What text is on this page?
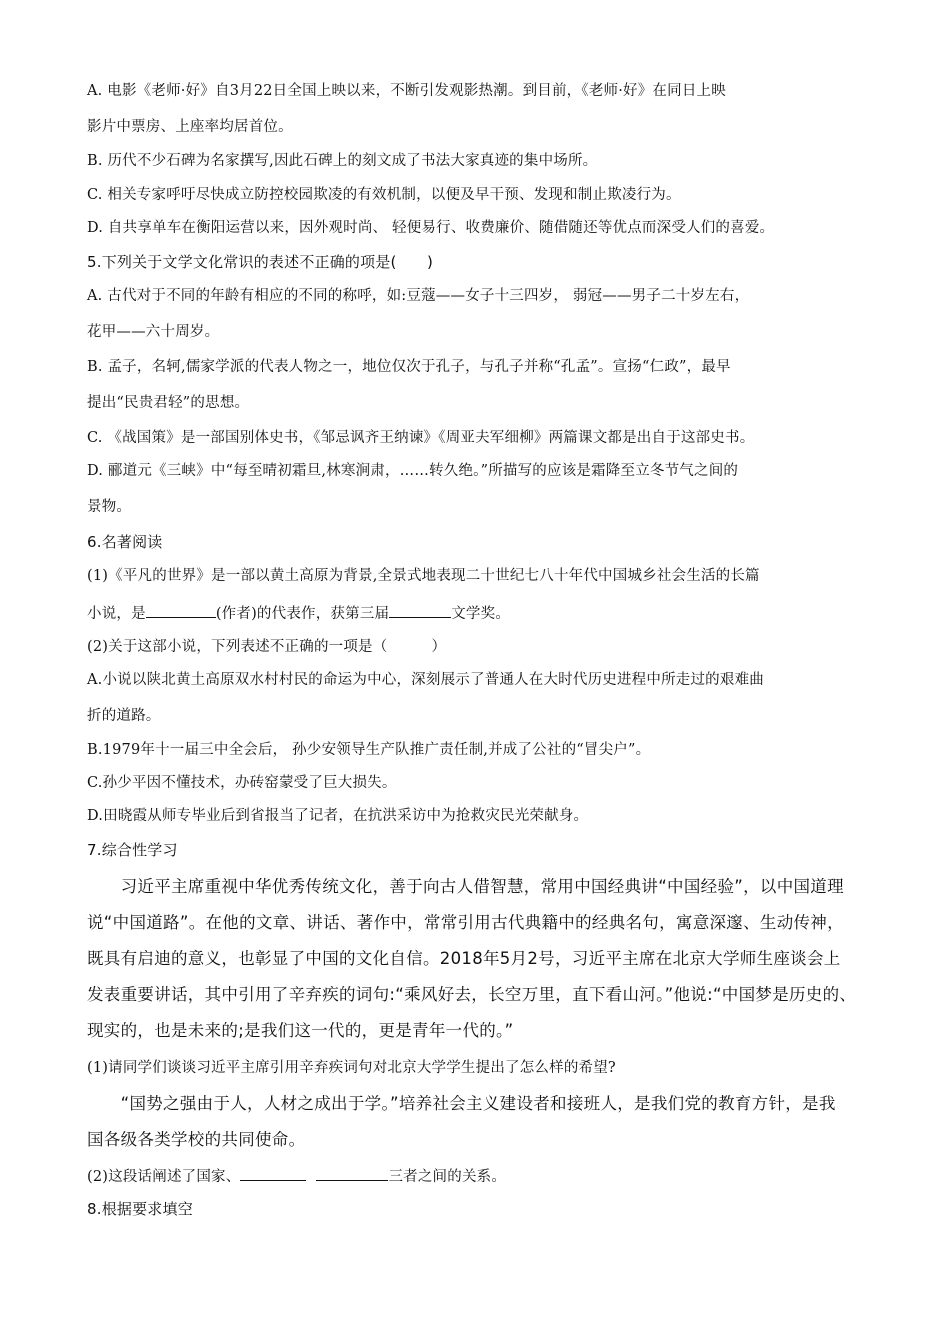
A. 电影《老师·好》自3月22日全国上映以来，不断引发观影热潮。到目前，《老师·好》在同日上映
影片中票房、上座率均居首位。
B. 历代不少石碑为名家撰写,因此石碑上的刻文成了书法大家真迹的集中场所。
C. 相关专家呼吁尽快成立防控校园欺凌的有效机制，以便及早干预、发现和制止欺凌行为。
D. 自共享单车在衡阳运营以来，因外观时尚、 轻便易行、收费廉价、随借随还等优点而深受人们的喜爱。
5.下列关于文学文化常识的表述不正确的项是(　　)
A. 古代对于不同的年龄有相应的不同的称呼，如:豆蔻——女子十三四岁， 弱冠——男子二十岁左右，
花甲——六十周岁。
B. 孟子，名轲,儒家学派的代表人物之一，地位仅次于孔子，与孔子并称“孔孟”。宣扬“仁政”，最早
提出“民贵君轻”的思想。
C. 《战国策》是一部国别体史书，《邹忌讽齐王纳谏》《周亚夫军细柳》两篇课文都是出自于这部史书。
D. 郦道元《三峡》中“每至晴初霜旦,林寒涧肃，……转久绝。”所描写的应该是霜降至立冬节气之间的
景物。
6.名著阅读
(1)《平凡的世界》是一部以黄土高原为背景,全景式地表现二十世纪七八十年代中国城乡社会生活的长篇
小说，是	(作者)的代表作，获第三届	文学奖。
(2)关于这部小说，下列表述不正确的一项是（　　　）
A.小说以陕北黄土高原双水村村民的命运为中心，深刻展示了普通人在大时代历史进程中所走过的艰难曲
折的道路。
B.1979年十一届三中全会后， 孙少安领导生产队推广责任制,并成了公社的“冒尖户”。
C.孙少平因不懂技术，办砖窑蒙受了巨大损失。
D.田晓霞从师专毕业后到省报当了记者，在抗洪采访中为抢救灾民光荣献身。
7.综合性学习
　　习近平主席重视中华优秀传统文化，善于向古人借智慧，常用中国经典讲“中国经验”，以中国道理
说“中国道路”。在他的文章、讲话、著作中，常常引用古代典籍中的经典名句，寓意深邃、生动传神，
既具有启迪的意义，也彰显了中国的文化自信。2018年5月2号，习近平主席在北京大学师生座谈会上
发表重要讲话，其中引用了辛弃疾的词句:“乘风好去，长空万里，直下看山河。”他说:“中国梦是历史的、
现实的，也是未来的;是我们这一代的，更是青年一代的。”
(1)请同学们谈谈习近平主席引用辛弃疾词句对北京大学学生提出了怎么样的希望?
　　“国势之强由于人，人材之成出于学。”培养社会主义建设者和接班人，是我们党的教育方针，是我
国各级各类学校的共同使命。
(2)这段话阐述了国家、	三者之间的关系。
8.根据要求填空
